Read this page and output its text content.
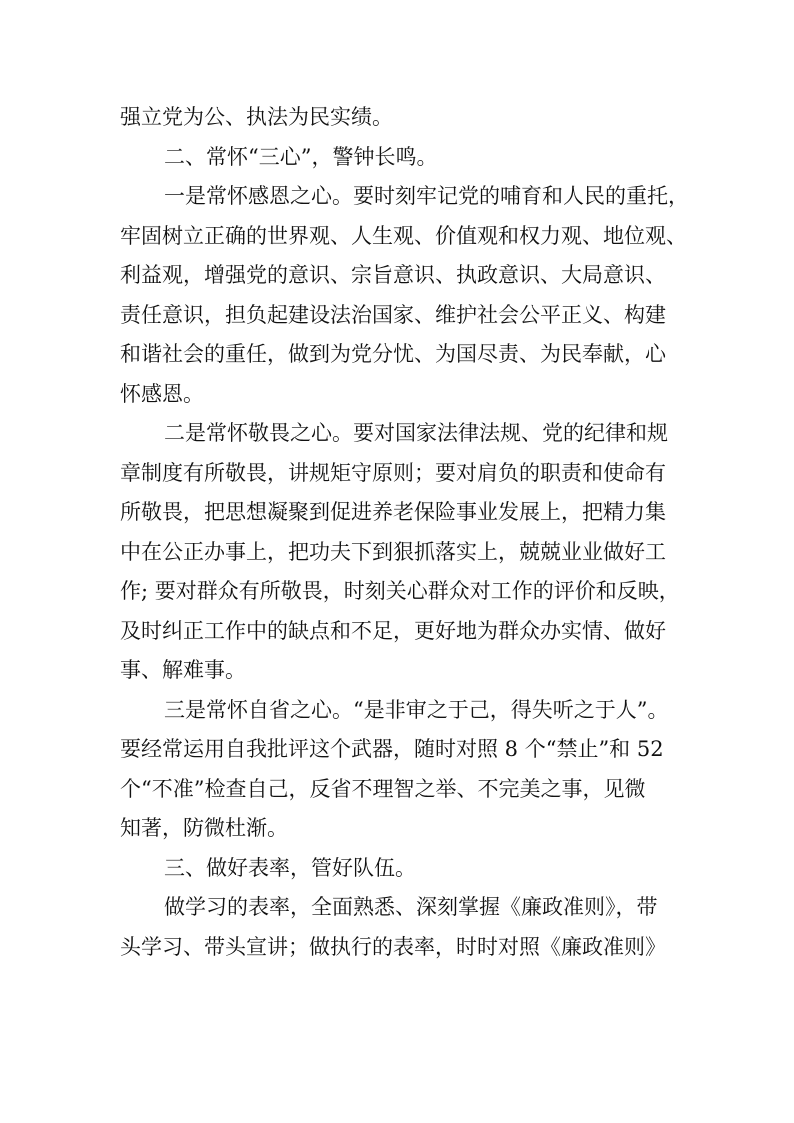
强立党为公、执法为民实绩。
二、常怀“三心”，警钟长鸣。
一是常怀感恩之心。要时刻牢记党的哺育和人民的重托，
牢固树立正确的世界观、人生观、价值观和权力观、地位观、
利益观，增强党的意识、宗旨意识、执政意识、大局意识、
责任意识，担负起建设法治国家、维护社会公平正义、构建
和谐社会的重任，做到为党分忧、为国尽责、为民奉献，心
怀感恩。
二是常怀敬畏之心。要对国家法律法规、党的纪律和规
章制度有所敬畏，讲规矩守原则；要对肩负的职责和使命有
所敬畏，把思想凝聚到促进养老保险事业发展上，把精力集
中在公正办事上，把功夫下到狠抓落实上，兢兢业业做好工
作; 要对群众有所敬畏，时刻关心群众对工作的评价和反映，
及时纠正工作中的缺点和不足，更好地为群众办实情、做好
事、解难事。
三是常怀自省之心。“是非审之于己，得失听之于人”。
要经常运用自我批评这个武器，随时对照 8 个“禁止”和 52
个“不准”检查自己，反省不理智之举、不完美之事，见微
知著，防微杜渐。
三、做好表率，管好队伍。
做学习的表率，全面熟悉、深刻掌握《廉政准则》，带
头学习、带头宣讲；做执行的表率，时时对照《廉政准则》
